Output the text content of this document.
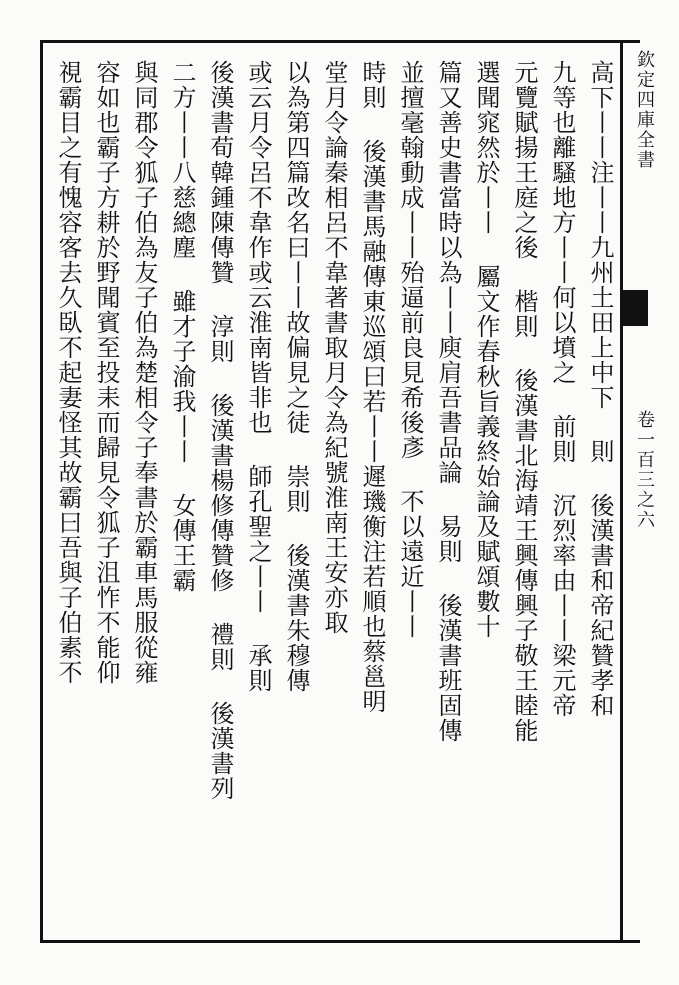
欽定四庫全書
卷一百三之六
高下丨丨注丨丨九州土田上中下 則 後漢書和帝紀贊孝和
九等也離騷地方丨丨何以墳之 前則 沉烈率由丨丨梁元帝
元覽賦揚王庭之後 楷則 後漢書北海靖王興傳興子敬王睦能
選聞窕然於丨丨 屬文作春秋旨義終始論及賦頌數十
篇又善史書當時以為丨丨庾肩吾書品論 易則 後漢書班固傳
並擅毫翰動成丨丨殆逼前良見希後彥 不以遠近丨丨
時則 後漢書馬融傳東巡頌曰若丨丨遲璣衡注若順也蔡邕明
堂月令論秦相呂不韋著書取月令為紀號淮南王安亦取
以為第四篇改名曰丨丨故偏見之徒 崇則 後漢書朱穆傳
或云月令呂不韋作或云淮南皆非也 師孔聖之丨丨 承則
後漢書荀韓鍾陳傳贊 淳則 後漢書楊修傳贊修 禮則 後漢書列
二方丨丨八慈總塵 雖才子渝我丨丨 女傳王霸
與同郡令狐子伯為友子伯為楚相令子奉書於霸車馬服從雍
容如也霸子方耕於野聞賓至投耒而歸見令狐子沮怍不能仰
視霸目之有愧容客去久臥不起妻怪其故霸曰吾與子伯素不
